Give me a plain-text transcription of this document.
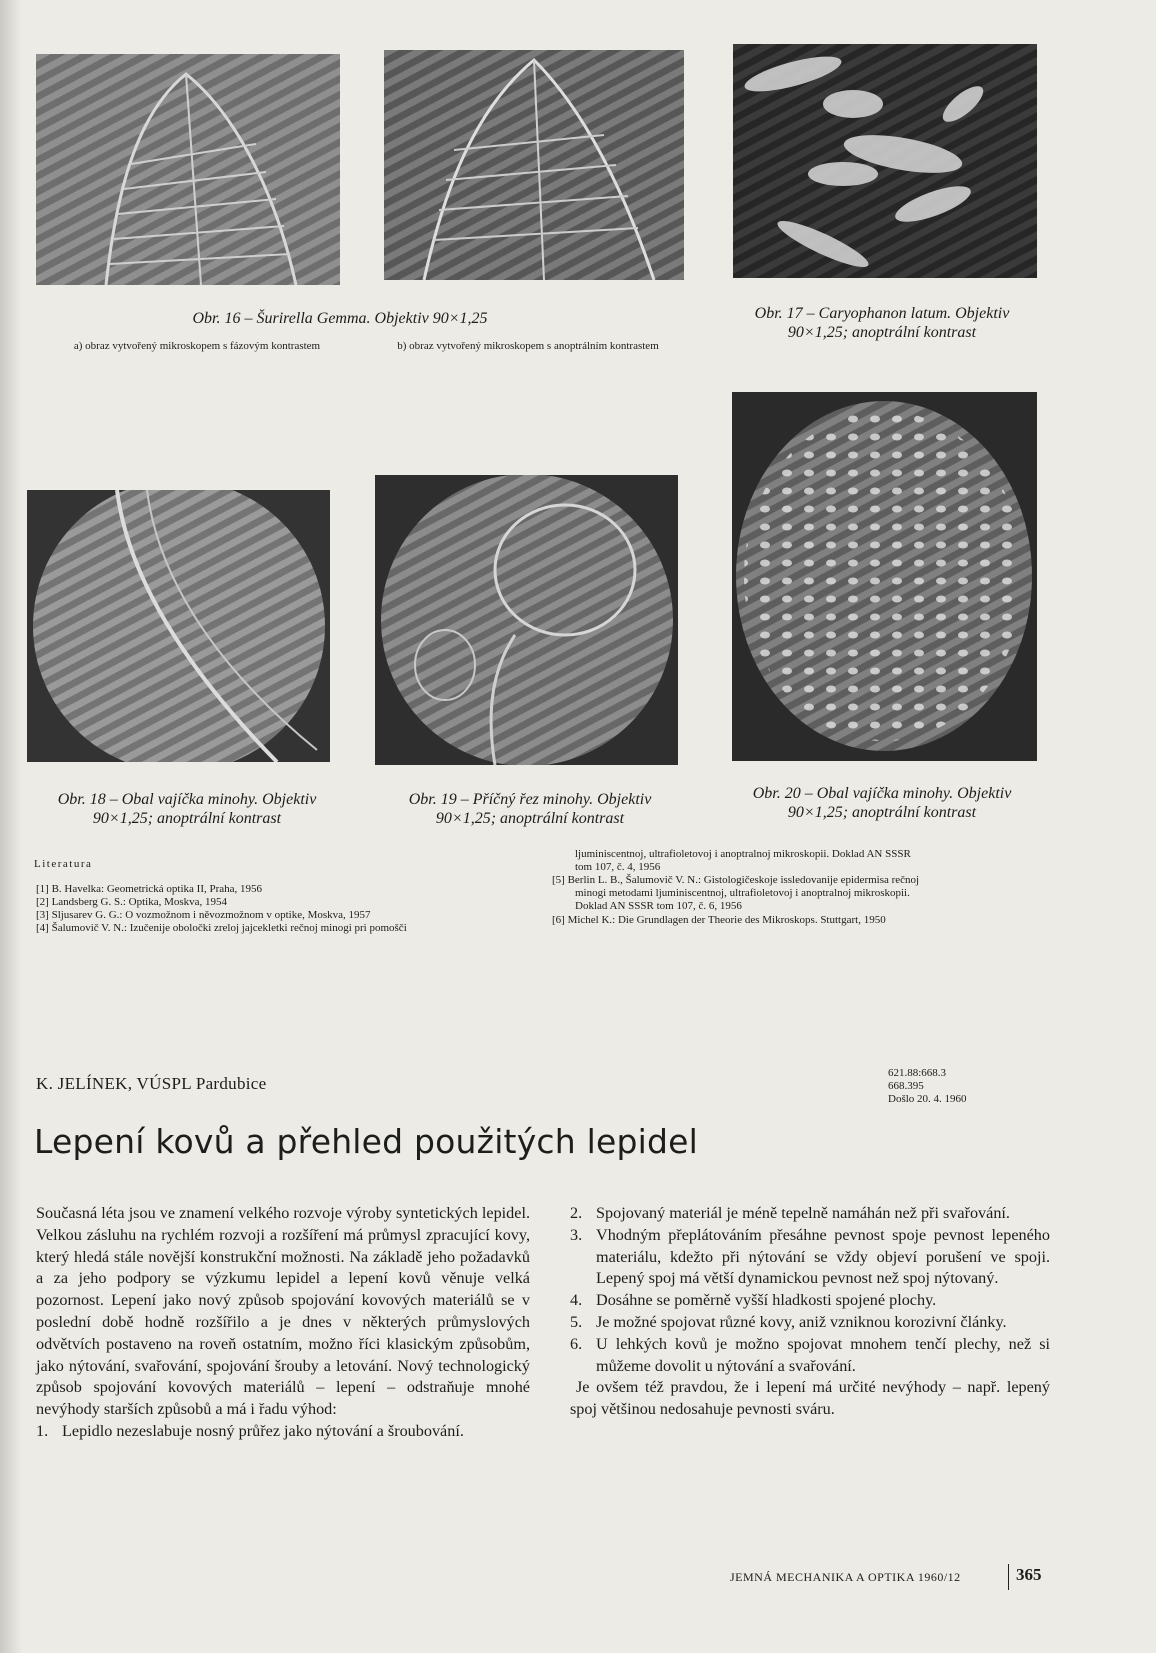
Obr. 16 – Šurirella Gemma. Objektiv 90×1,25
a) obraz vytvořený mikroskopem s fázovým kontrastem	b) obraz vytvořený mikroskopem s anoptrálním kontrastem
Obr. 17 – Caryophanon latum. Objektiv
90×1,25; anoptrální kontrast
Obr. 18 – Obal vajíčka minohy. Objektiv
90×1,25; anoptrální kontrast
Obr. 19 – Příčný řez minohy. Objektiv
90×1,25; anoptrální kontrast
Obr. 20 – Obal vajíčka minohy. Objektiv
90×1,25; anoptrální kontrast
Literatura
[1] B. Havelka: Geometrická optika II, Praha, 1956
[2] Landsberg G. S.: Optika, Moskva, 1954
[3] Sljusarev G. G.: O vozmožnom i něvozmožnom v optike, Moskva, 1957
[4] Šalumovič V. N.: Izučenije oboločki zreloj jajcekletki rečnoj minogi pri pomošči
ljuminiscentnoj, ultrafioletovoj i anoptralnoj mikroskopii. Doklad AN SSSR
tom 107, č. 4, 1956
[5] Berlin L. B., Šalumovič V. N.: Gistologičeskoje issledovanije epidermisa rečnoj
minogi metodami ljuminiscentnoj, ultrafioletovoj i anoptralnoj mikroskopii.
Doklad AN SSSR tom 107, č. 6, 1956
[6] Michel K.: Die Grundlagen der Theorie des Mikroskops. Stuttgart, 1950
K. JELÍNEK, VÚSPL Pardubice
621.88:668.3
668.395
Došlo 20. 4. 1960
Lepení kovů a přehled použitých lepidel

Současná léta jsou ve znamení velkého rozvoje výroby syntetických lepidel. Velkou zásluhu na rychlém rozvoji a rozšíření má průmysl zpracující kovy, který hledá stále novější konstrukční možnosti. Na základě jeho požadavků a za jeho podpory se výzkumu lepidel a lepení kovů věnuje velká pozornost. Lepení jako nový způsob spojování kovových materiálů se v poslední době hodně rozšířilo a je dnes v některých průmyslových odvětvích postaveno na roveň ostatním, možno říci klasickým způsobům, jako nýtování, svařování, spojování šrouby a letování. Nový technologický způsob spojování kovových materiálů – lepení – odstraňuje mnohé nevýhody starších způsobů a má i řadu výhod:

1. Lepidlo nezeslabuje nosný průřez jako nýtování a šroubování.
2. Spojovaný materiál je méně tepelně namáhán než při svařování.
3. Vhodným přeplátováním přesáhne pevnost spoje pevnost lepeného materiálu, kdežto při nýtování se vždy objeví porušení ve spoji. Lepený spoj má větší dynamickou pevnost než spoj nýtovaný.
4. Dosáhne se poměrně vyšší hladkosti spojené plochy.
5. Je možné spojovat různé kovy, aniž vzniknou korozivní články.
6. U lehkých kovů je možno spojovat mnohem tenčí plechy, než si můžeme dovolit u nýtování a svařování.

Je ovšem též pravdou, že i lepení má určité nevýhody – např. lepený spoj většinou nedosahuje pevnosti sváru.

JEMNÁ MECHANIKA A OPTIKA 1960/12	365
